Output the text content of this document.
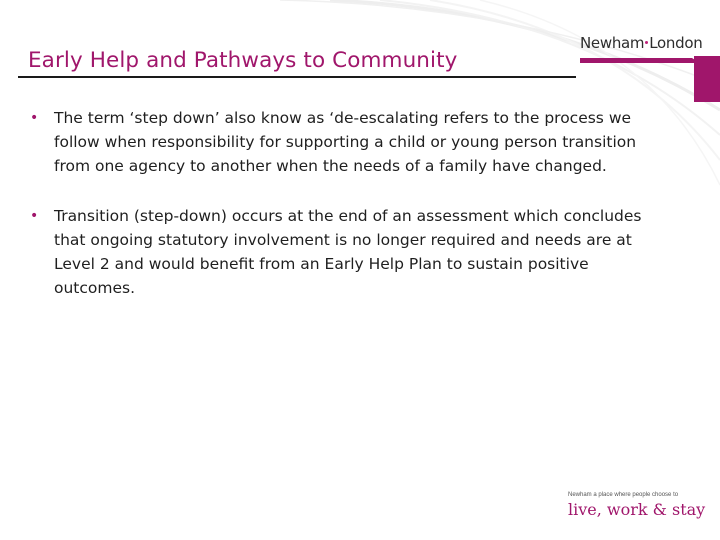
Early Help and Pathways to Community
Newham London
• The term ‘step down’ also know as ‘de-escalating refers to the process we follow when responsibility for supporting a child or young person transition from one agency to another when the needs of a family have changed.
• Transition (step-down) occurs at the end of an assessment which concludes that ongoing statutory involvement is no longer required and needs are at Level 2 and would benefit from an Early Help Plan to sustain positive outcomes.
Newham a place where people choose to
live, work & stay
